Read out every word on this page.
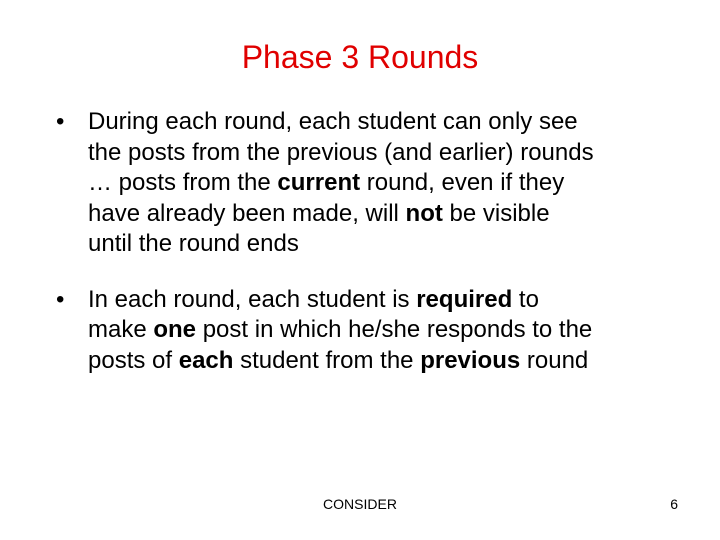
Phase 3 Rounds
• During each round, each student can only see
the posts from the previous (and earlier) rounds
… posts from the current round, even if they
have already been made, will not be visible
until the round ends
• In each round, each student is required to
make one post in which he/she responds to the
posts of each student from the previous round
CONSIDER	6
